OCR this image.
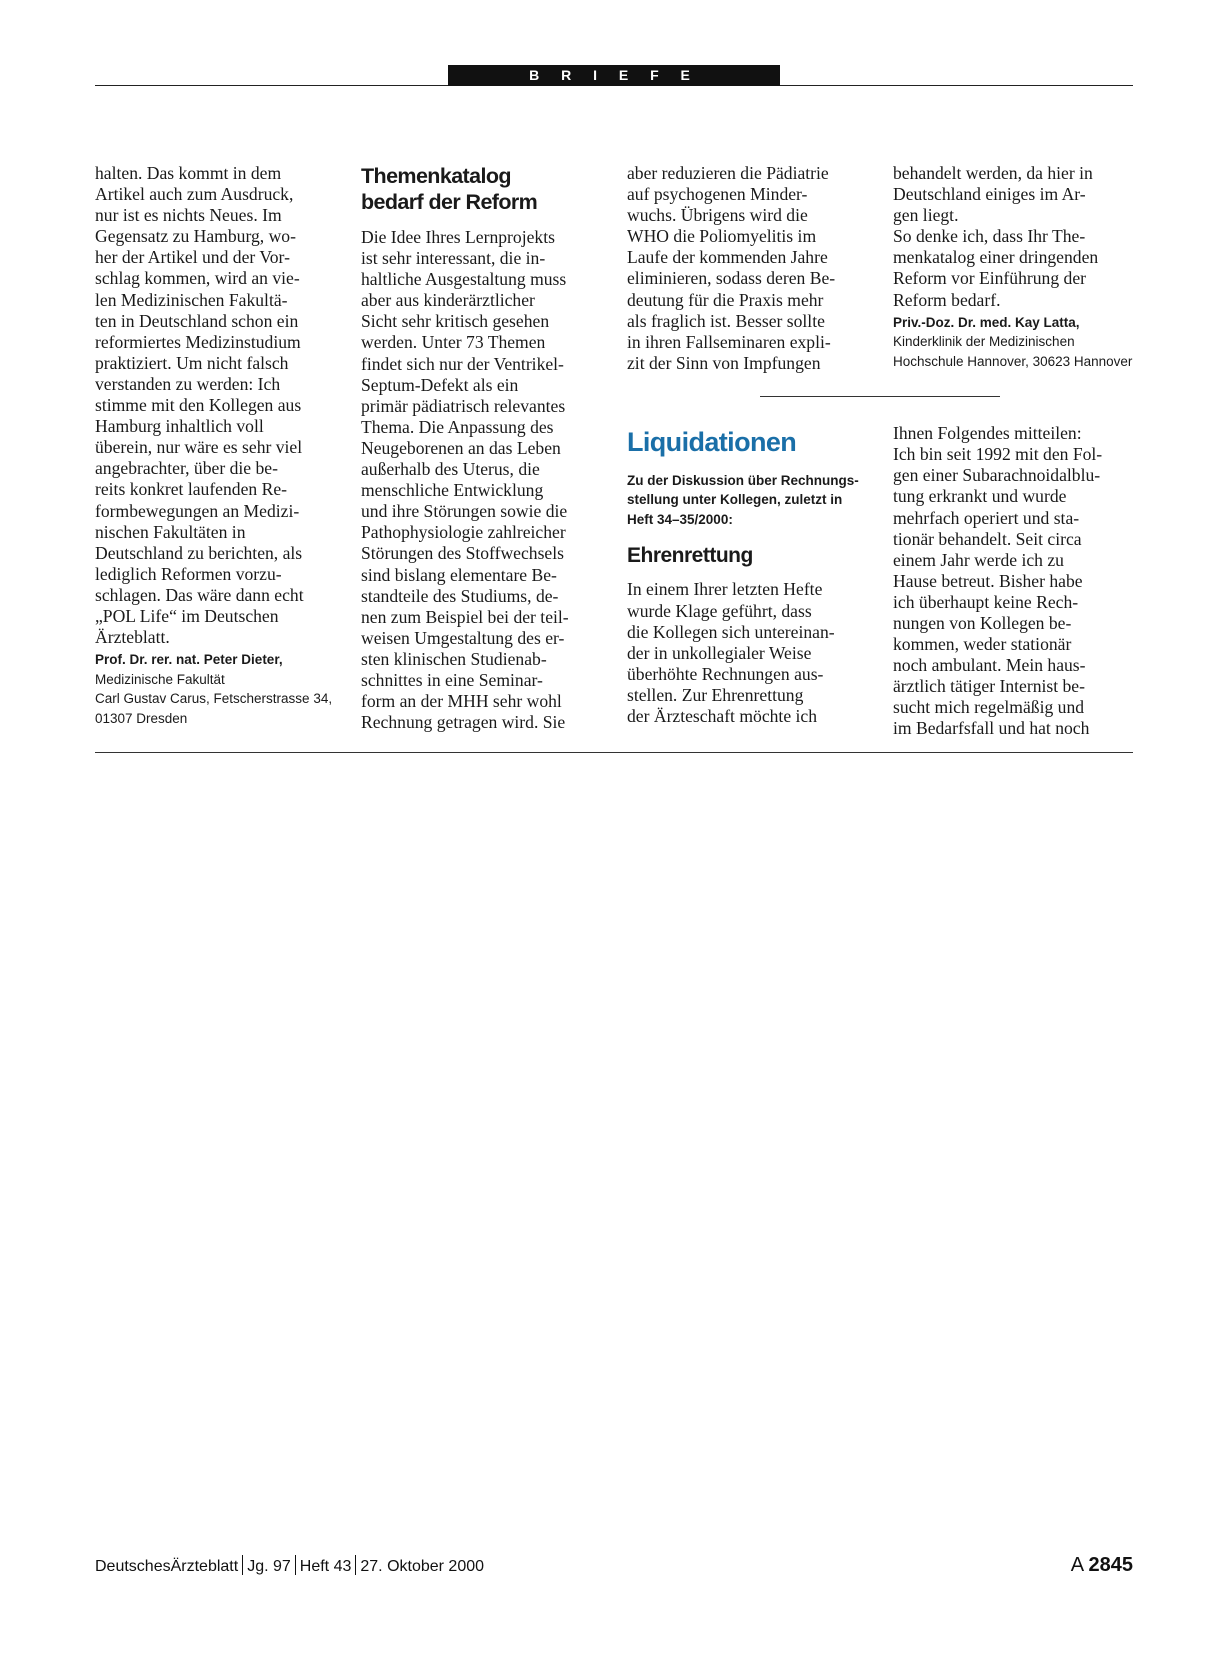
B R I E F E
halten. Das kommt in dem
Artikel auch zum Ausdruck,
nur ist es nichts Neues. Im
Gegensatz zu Hamburg, wo-
her der Artikel und der Vor-
schlag kommen, wird an vie-
len Medizinischen Fakultä-
ten in Deutschland schon ein
reformiertes Medizinstudium
praktiziert. Um nicht falsch
verstanden zu werden: Ich
stimme mit den Kollegen aus
Hamburg inhaltlich voll
überein, nur wäre es sehr viel
angebrachter, über die be-
reits konkret laufenden Re-
formbewegungen an Medizi-
nischen Fakultäten in
Deutschland zu berichten, als
lediglich Reformen vorzu-
schlagen. Das wäre dann echt
„POL Life“ im Deutschen
Ärzteblatt.
Prof. Dr. rer. nat. Peter Dieter,
Medizinische Fakultät
Carl Gustav Carus, Fetscherstrasse 34,
01307 Dresden
Themenkatalog
bedarf der Reform
Die Idee Ihres Lernprojekts
ist sehr interessant, die in-
haltliche Ausgestaltung muss
aber aus kinderärztlicher
Sicht sehr kritisch gesehen
werden. Unter 73 Themen
findet sich nur der Ventrikel-
Septum-Defekt als ein
primär pädiatrisch relevantes
Thema. Die Anpassung des
Neugeborenen an das Leben
außerhalb des Uterus, die
menschliche Entwicklung
und ihre Störungen sowie die
Pathophysiologie zahlreicher
Störungen des Stoffwechsels
sind bislang elementare Be-
standteile des Studiums, de-
nen zum Beispiel bei der teil-
weisen Umgestaltung des er-
sten klinischen Studienab-
schnittes in eine Seminar-
form an der MHH sehr wohl
Rechnung getragen wird. Sie
aber reduzieren die Pädiatrie
auf psychogenen Minder-
wuchs. Übrigens wird die
WHO die Poliomyelitis im
Laufe der kommenden Jahre
eliminieren, sodass deren Be-
deutung für die Praxis mehr
als fraglich ist. Besser sollte
in ihren Fallseminaren expli-
zit der Sinn von Impfungen
Liquidationen
Zu der Diskussion über Rechnungs-
stellung unter Kollegen, zuletzt in
Heft 34–35/2000:
Ehrenrettung
In einem Ihrer letzten Hefte
wurde Klage geführt, dass
die Kollegen sich untereinan-
der in unkollegialer Weise
überhöhte Rechnungen aus-
stellen. Zur Ehrenrettung
der Ärzteschaft möchte ich
behandelt werden, da hier in
Deutschland einiges im Ar-
gen liegt.
So denke ich, dass Ihr The-
menkatalog einer dringenden
Reform vor Einführung der
Reform bedarf.
Priv.-Doz. Dr. med. Kay Latta,
Kinderklinik der Medizinischen
Hochschule Hannover, 30623 Hannover
Ihnen Folgendes mitteilen:
Ich bin seit 1992 mit den Fol-
gen einer Subarachnoidalblu-
tung erkrankt und wurde
mehrfach operiert und sta-
tionär behandelt. Seit circa
einem Jahr werde ich zu
Hause betreut. Bisher habe
ich überhaupt keine Rech-
nungen von Kollegen be-
kommen, weder stationär
noch ambulant. Mein haus-
ärztlich tätiger Internist be-
sucht mich regelmäßig und
im Bedarfsfall und hat noch
DeutschesÄrzteblatt Jg. 97 Heft 43 27. Oktober 2000	A 2845
